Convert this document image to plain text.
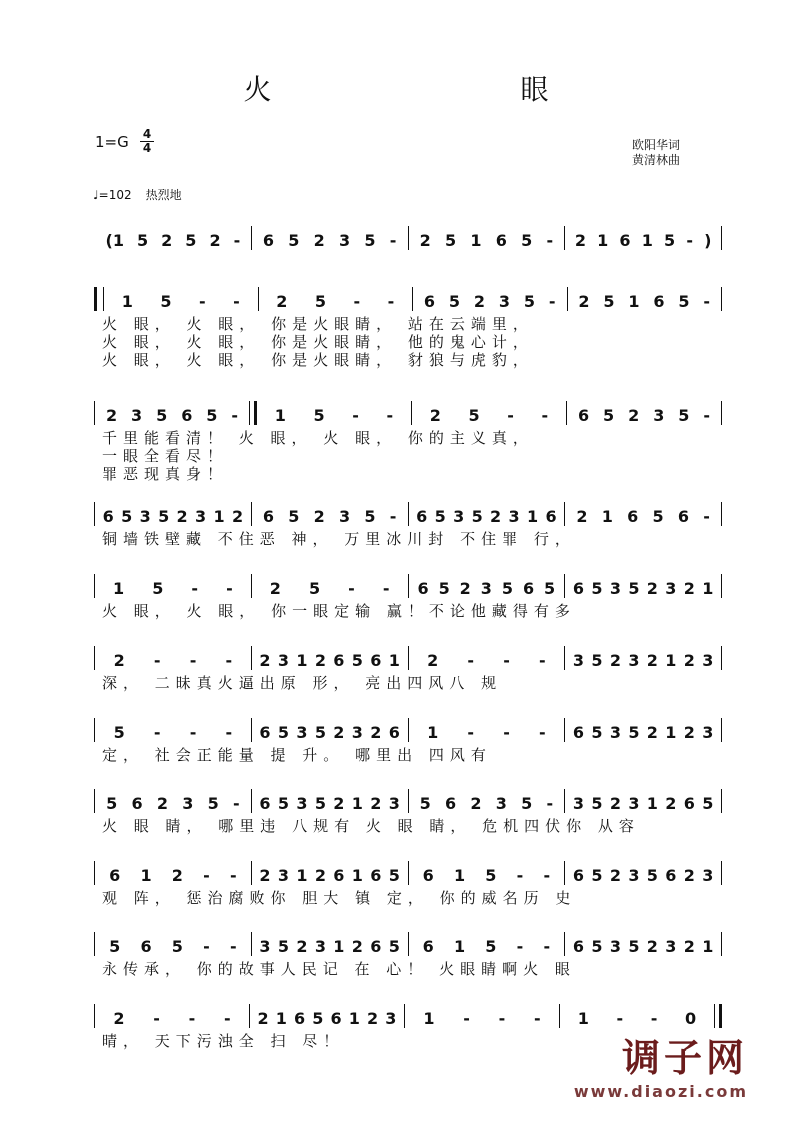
火 眼
1=G 4
4	欧阳华词
黄清林曲
♩=102 热烈地
(1 5 2 5 2 - 6 5 2 3 5 - 2 5 1 6 5 - 2 1 6 1 5 - )
1 5 - - 2 5 - - 6 5 2 3 5 - 2 5 1 6 5 -
火 眼， 火 眼， 你是火眼睛， 站在云端里，
火 眼， 火 眼， 你是火眼睛， 他的鬼心计，
火 眼， 火 眼， 你是火眼睛， 豺狼与虎豹，
2 3 5 6 5 - 1 5 - - 2 5 - - 6 5 2 3 5 -
千里能看清！ 火 眼， 火 眼， 你的主义真，
一眼全看尽！
罪恶现真身！
6 5 3 5 2 3 1 2 6 5 2 3 5 - 6 5 3 5 2 3 1 6 2 1 6 5 6 -
铜墙铁壁藏 不住恶 神， 万里冰川封 不住罪 行，
1 5 - - 2 5 - - 6 5 2 3 5 6 5 6 5 3 5 2 3 2 1
火 眼， 火 眼， 你一眼定输 赢！不论他藏得有多
2 - - - 2 3 1 2 6 5 6 1 2 - - - 3 5 2 3 2 1 2 3
深， 二昧真火逼出原 形， 亮出四风八 规
5 - - - 6 5 3 5 2 3 2 6 1 - - - 6 5 3 5 2 1 2 3
定， 社会正能量 提 升。 哪里出 四风有
5 6 2 3 5 - 6 5 3 5 2 1 2 3 5 6 2 3 5 - 3 5 2 3 1 2 6 5
火 眼 睛， 哪里违 八规有 火 眼 睛， 危机四伏你 从容
6 1 2 - - 2 3 1 2 6 1 6 5 6 1 5 - - 6 5 2 3 5 6 2 3
观 阵， 惩治腐败你 胆大 镇 定， 你的威名历 史
5 6 5 - - 3 5 2 3 1 2 6 5 6 1 5 - - 6 5 3 5 2 3 2 1
永传承， 你的故事人民记 在 心！ 火眼睛啊火 眼
2 - - - 2 1 6 5 6 1 2 3 1 - - - 1 - - 0
晴， 天下污浊全 扫 尽！	调子网
www.diaozi.com
